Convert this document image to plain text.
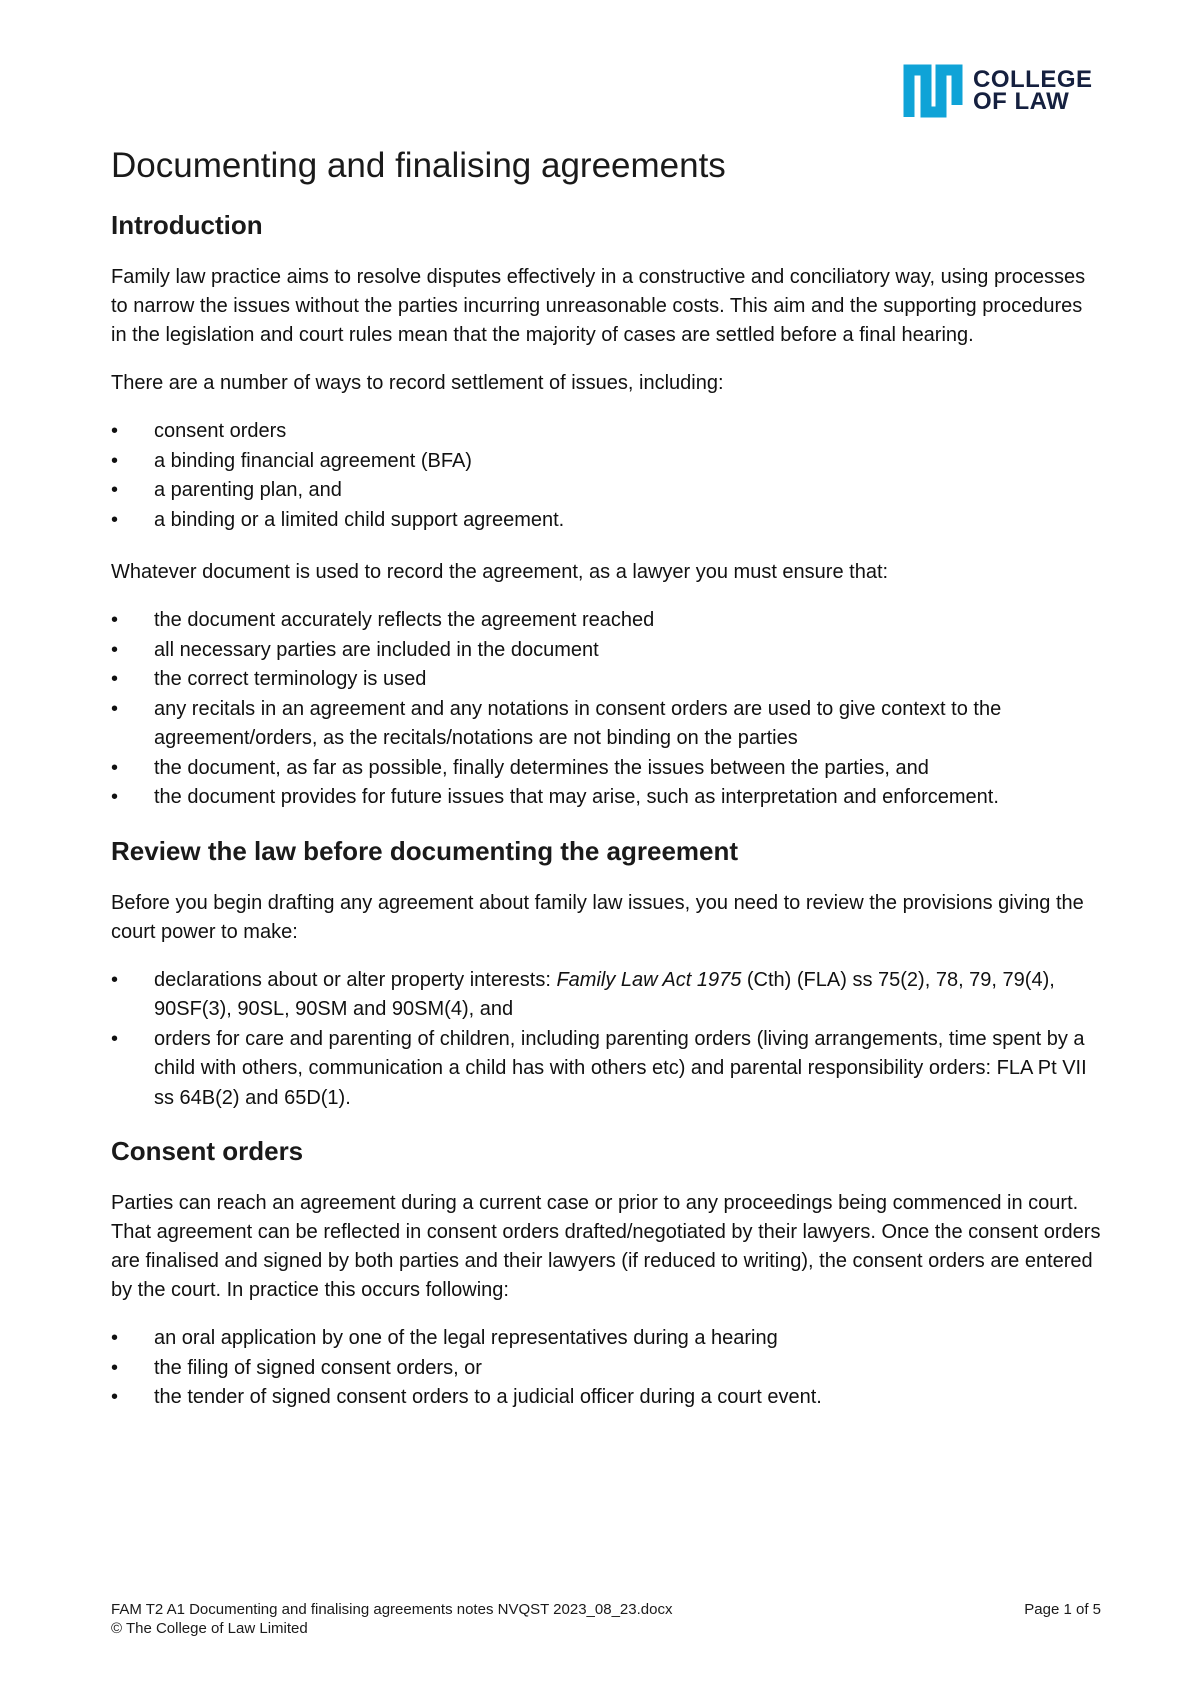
COLLEGE
OF LAW
Documenting and finalising agreements
Introduction

Family law practice aims to resolve disputes effectively in a constructive and conciliatory way, using processes to narrow the issues without the parties incurring unreasonable costs. This aim and the supporting procedures in the legislation and court rules mean that the majority of cases are settled before a final hearing.

There are a number of ways to record settlement of issues, including:

•	consent orders
•	a binding financial agreement (BFA)
•	a parenting plan, and
•	a binding or a limited child support agreement.

Whatever document is used to record the agreement, as a lawyer you must ensure that:

•	the document accurately reflects the agreement reached
•	all necessary parties are included in the document
•	the correct terminology is used
•	any recitals in an agreement and any notations in consent orders are used to give context to the agreement/orders, as the recitals/notations are not binding on the parties
•	the document, as far as possible, finally determines the issues between the parties, and
•	the document provides for future issues that may arise, such as interpretation and enforcement.
Review the law before documenting the agreement

Before you begin drafting any agreement about family law issues, you need to review the provisions giving the court power to make:

•	declarations about or alter property interests: Family Law Act 1975 (Cth) (FLA) ss 75(2), 78, 79, 79(4), 90SF(3), 90SL, 90SM and 90SM(4), and
•	orders for care and parenting of children, including parenting orders (living arrangements, time spent by a child with others, communication a child has with others etc) and parental responsibility orders: FLA Pt VII ss 64B(2) and 65D(1).
Consent orders

Parties can reach an agreement during a current case or prior to any proceedings being commenced in court. That agreement can be reflected in consent orders drafted/negotiated by their lawyers. Once the consent orders are finalised and signed by both parties and their lawyers (if reduced to writing), the consent orders are entered by the court. In practice this occurs following:

•	an oral application by one of the legal representatives during a hearing
•	the filing of signed consent orders, or
•	the tender of signed consent orders to a judicial officer during a court event.
FAM T2 A1 Documenting and finalising agreements notes NVQST 2023_08_23.docx	Page 1 of 5
© The College of Law Limited
